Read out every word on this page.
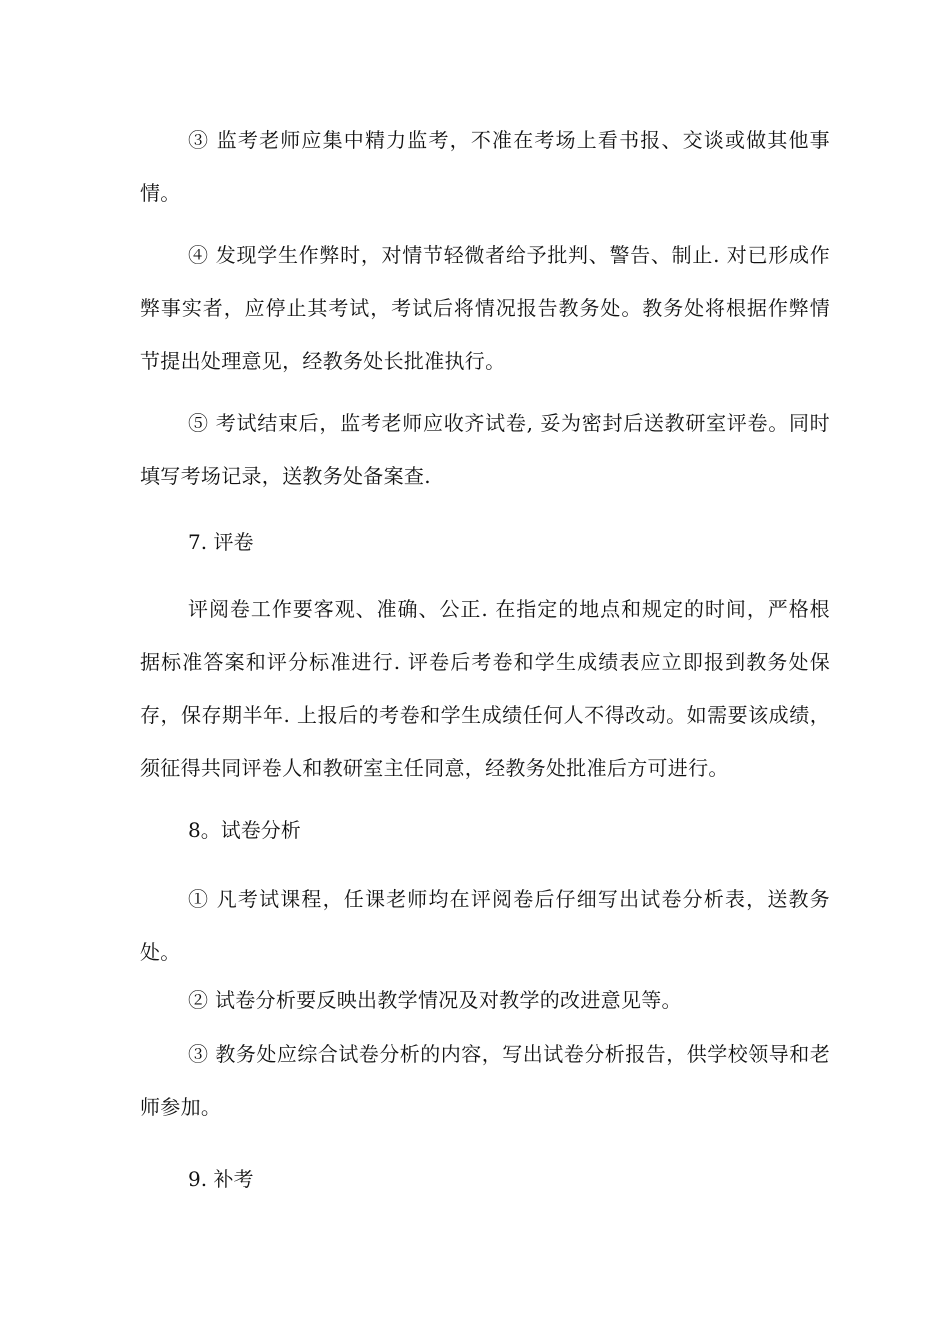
③ 监考老师应集中精力监考，不准在考场上看书报、交谈或做其他事情。

④ 发现学生作弊时，对情节轻微者给予批判、警告、制止. 对已形成作弊事实者，应停止其考试，考试后将情况报告教务处。教务处将根据作弊情节提出处理意见，经教务处长批准执行。

⑤ 考试结束后，监考老师应收齐试卷, 妥为密封后送教研室评卷。同时填写考场记录，送教务处备案查.

7. 评卷

评阅卷工作要客观、准确、公正. 在指定的地点和规定的时间，严格根据标准答案和评分标准进行. 评卷后考卷和学生成绩表应立即报到教务处保存，保存期半年. 上报后的考卷和学生成绩任何人不得改动。如需要该成绩，须征得共同评卷人和教研室主任同意，经教务处批准后方可进行。

8。试卷分析

① 凡考试课程，任课老师均在评阅卷后仔细写出试卷分析表，送教务处。

② 试卷分析要反映出教学情况及对教学的改进意见等。

③ 教务处应综合试卷分析的内容，写出试卷分析报告，供学校领导和老师参加。

9. 补考
